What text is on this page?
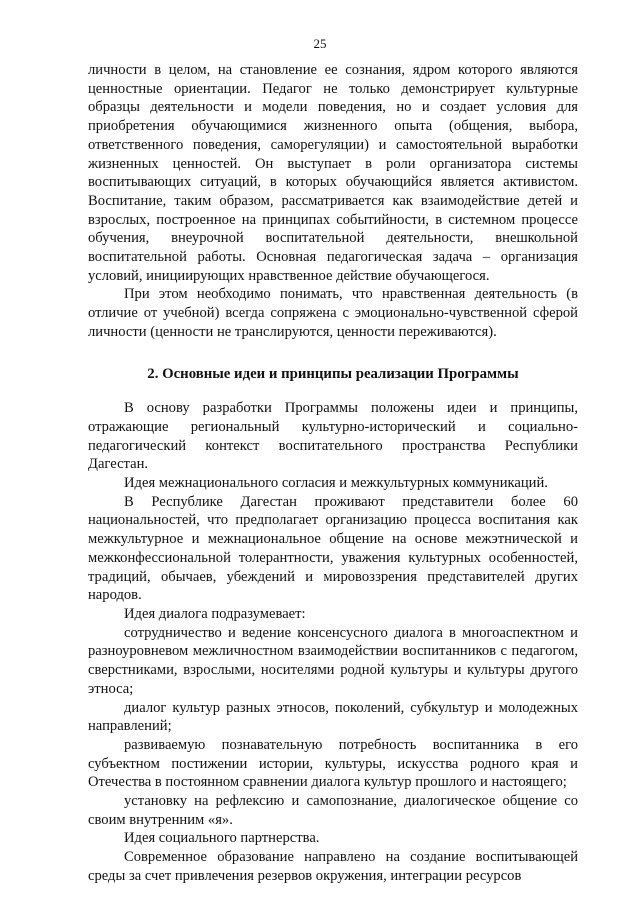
25

личности в целом, на становление ее сознания, ядром которого являются ценностные ориентации. Педагог не только демонстрирует культурные образцы деятельности и модели поведения, но и создает условия для приобретения обучающимися жизненного опыта (общения, выбора, ответственного поведения, саморегуляции) и самостоятельной выработки жизненных ценностей. Он выступает в роли организатора системы воспитывающих ситуаций, в которых обучающийся является активистом. Воспитание, таким образом, рассматривается как взаимодействие детей и взрослых, построенное на принципах событийности, в системном процессе обучения, внеурочной воспитательной деятельности, внешкольной воспитательной работы. Основная педагогическая задача – организация условий, инициирующих нравственное действие обучающегося.

При этом необходимо понимать, что нравственная деятельность (в отличие от учебной) всегда сопряжена с эмоционально-чувственной сферой личности (ценности не транслируются, ценности переживаются).

2. Основные идеи и принципы реализации Программы

В основу разработки Программы положены идеи и принципы, отражающие региональный культурно-исторический и социально-педагогический контекст воспитательного пространства Республики Дагестан.

Идея межнационального согласия и межкультурных коммуникаций.

В Республике Дагестан проживают представители более 60 национальностей, что предполагает организацию процесса воспитания как межкультурное и межнациональное общение на основе межэтнической и межконфессиональной толерантности, уважения культурных особенностей, традиций, обычаев, убеждений и мировоззрения представителей других народов.

Идея диалога подразумевает:

сотрудничество и ведение консенсусного диалога в многоаспектном и разноуровневом межличностном взаимодействии воспитанников с педагогом, сверстниками, взрослыми, носителями родной культуры и культуры другого этноса;

диалог культур разных этносов, поколений, субкультур и молодежных направлений;

развиваемую познавательную потребность воспитанника в его субъектном постижении истории, культуры, искусства родного края и Отечества в постоянном сравнении диалога культур прошлого и настоящего;

установку на рефлексию и самопознание, диалогическое общение со своим внутренним «я».

Идея социального партнерства.

Современное образование направлено на создание воспитывающей среды за счет привлечения резервов окружения, интеграции ресурсов
